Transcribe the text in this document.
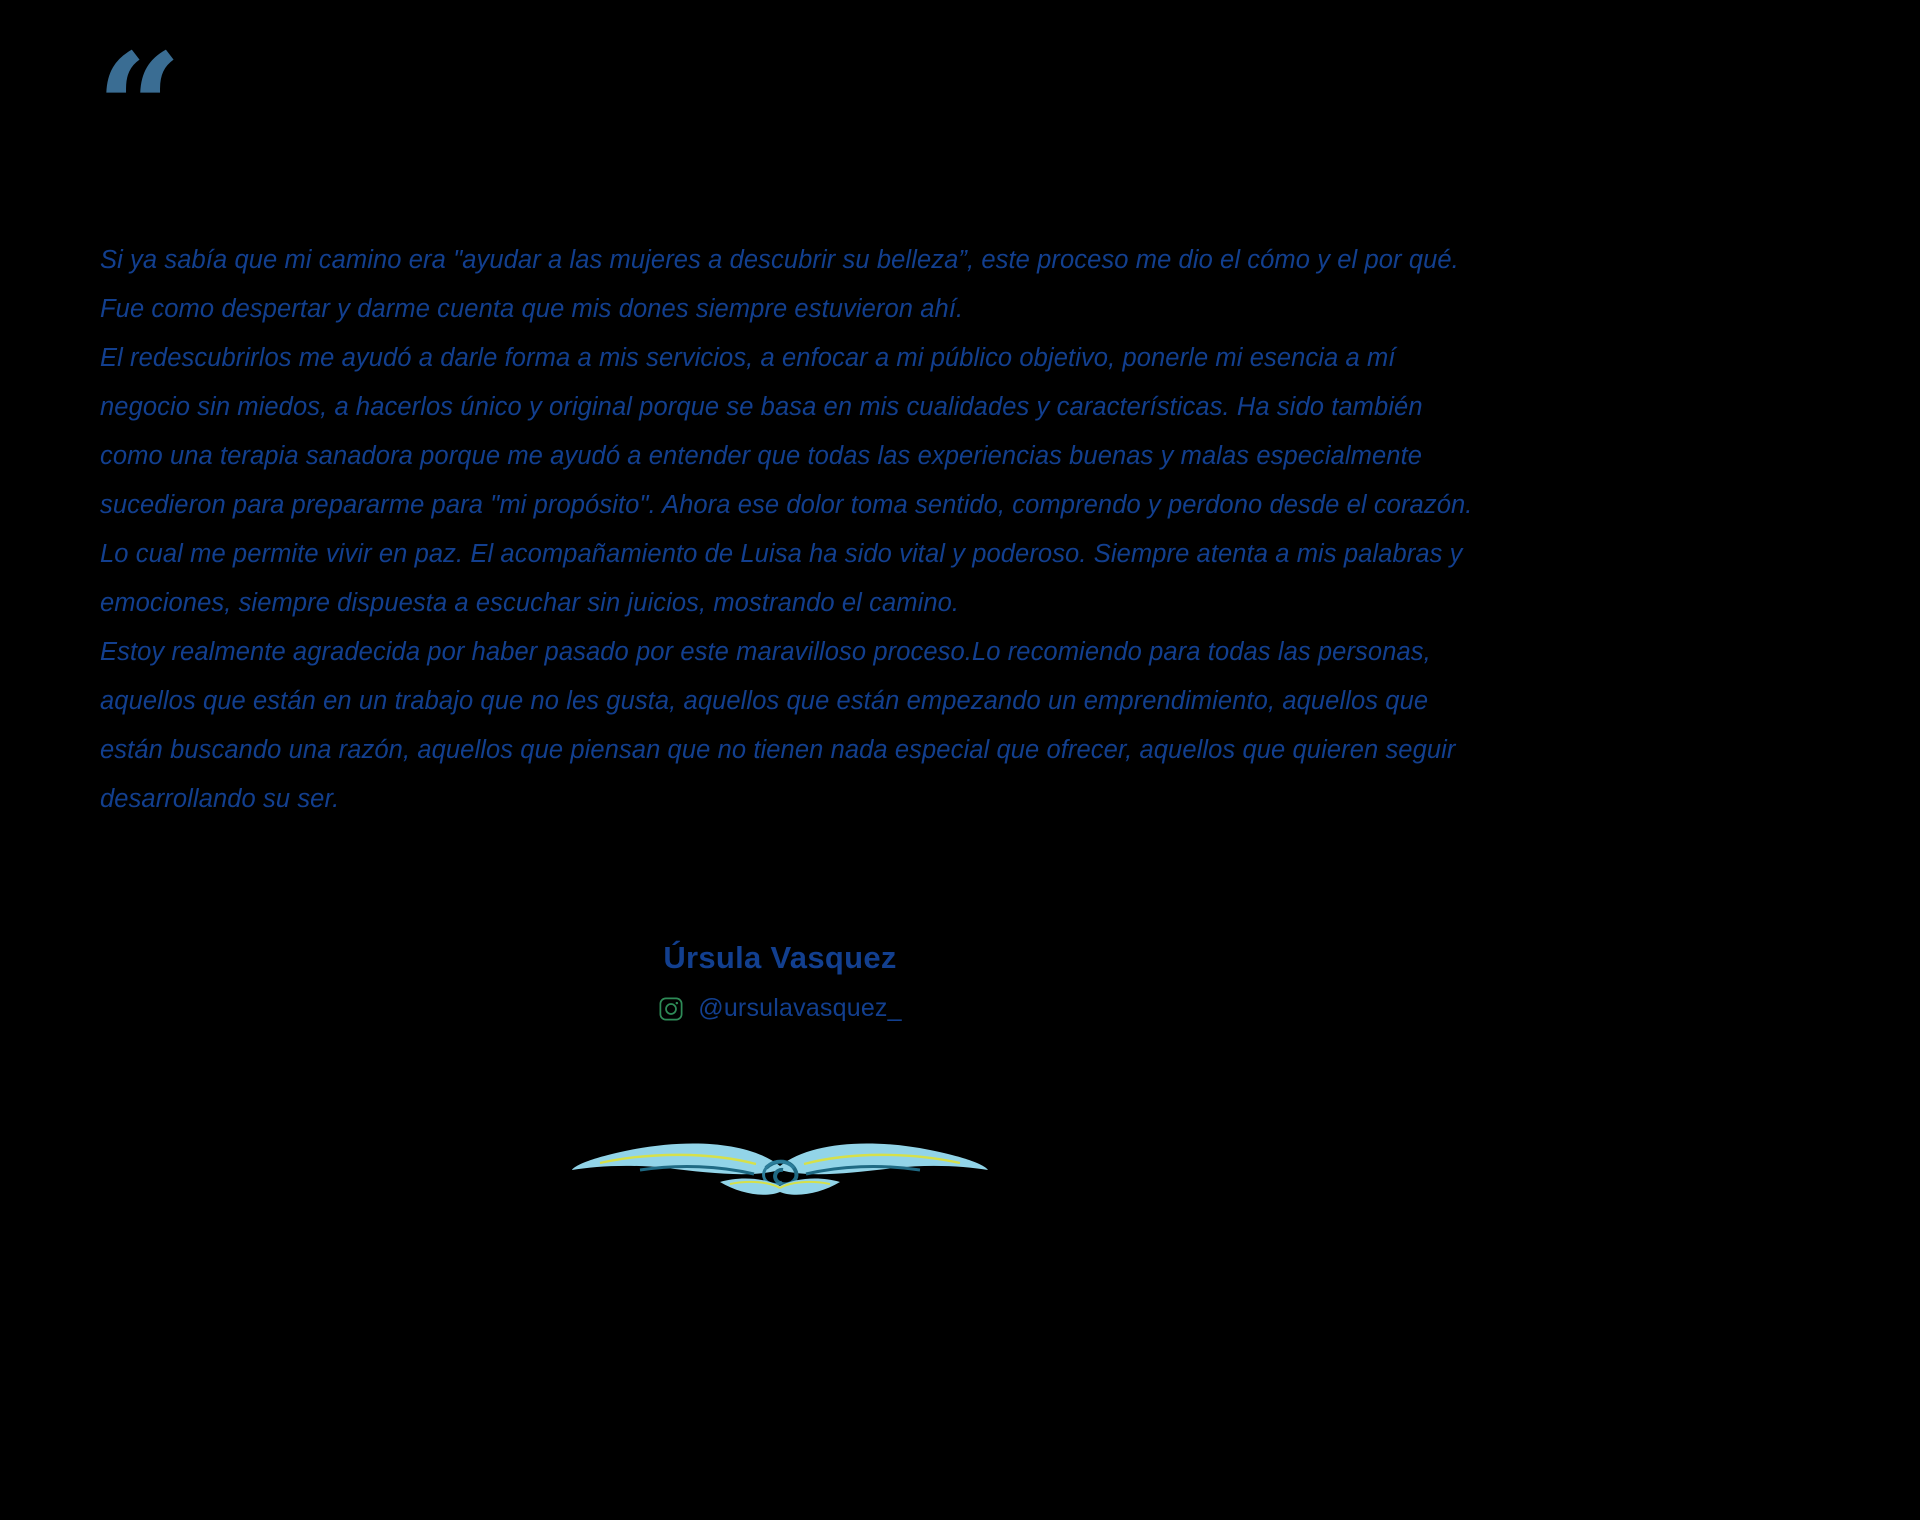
“

Si ya sabía que mi camino era "ayudar a las mujeres a descubrir su belleza”, este proceso me dio el cómo y el por qué. Fue como despertar y darme cuenta que mis dones siempre estuvieron ahí.

El redescubrirlos me ayudó a darle forma a mis servicios, a enfocar a mi público objetivo, ponerle mi esencia a mí negocio sin miedos, a hacerlos único y original porque se basa en mis cualidades y características. Ha sido también como una terapia sanadora porque me ayudó a entender que todas las experiencias buenas y malas especialmente sucedieron para prepararme para "mi propósito". Ahora ese dolor toma sentido, comprendo y perdono desde el corazón. Lo cual me permite vivir en paz. El acompañamiento de Luisa ha sido vital y poderoso. Siempre atenta a mis palabras y emociones, siempre dispuesta a escuchar sin juicios, mostrando el camino.

Estoy realmente agradecida por haber pasado por este maravilloso proceso.Lo recomiendo para todas las personas, aquellos que están en un trabajo que no les gusta, aquellos que están empezando un emprendimiento, aquellos que están buscando una razón, aquellos que piensan que no tienen nada especial que ofrecer, aquellos que quieren seguir desarrollando su ser.

Úrsula Vasquez
@ursulavasquez_
